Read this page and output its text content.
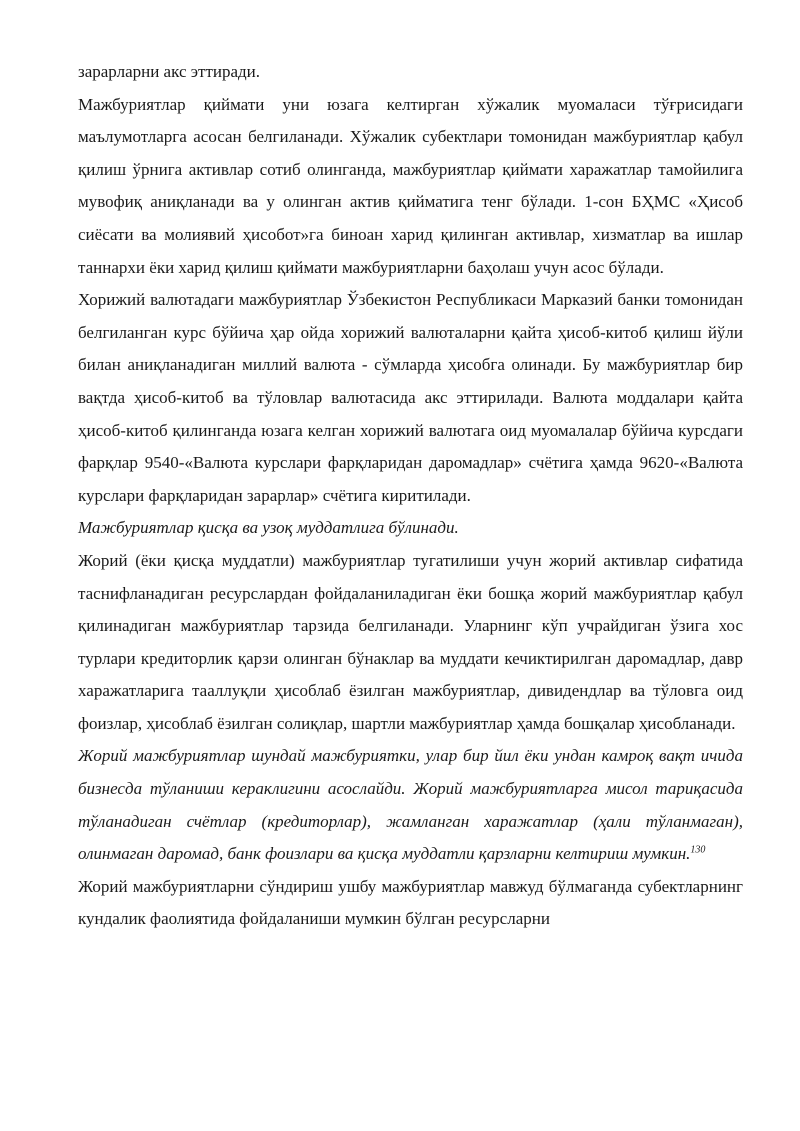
зарарларни акс эттиради.

Мажбуриятлар қиймати уни юзага келтирган хўжалик муомаласи тўғрисидаги маълумотларга асосан белгиланади. Хўжалик субектлари томонидан мажбуриятлар қабул қилиш ўрнига активлар сотиб олинганда, мажбуриятлар қиймати харажатлар тамойилига мувофиқ аниқланади ва у олинган актив қийматига тенг бўлади. 1-сон БҲМС «Ҳисоб сиёсати ва молиявий ҳисобот»га биноан харид қилинган активлар, хизматлар ва ишлар таннархи ёки харид қилиш қиймати мажбуриятларни баҳолаш учун асос бўлади.

Хорижий валютадаги мажбуриятлар Ўзбекистон Республикаси Марказий банки томонидан белгиланган курс бўйича ҳар ойда хорижий валюталарни қайта ҳисоб-китоб қилиш йўли билан аниқланадиган миллий валюта - сўмларда ҳисобга олинади. Бу мажбуриятлар бир вақтда ҳисоб-китоб ва тўловлар валютасида акс эттирилади. Валюта моддалари қайта ҳисоб-китоб қилинганда юзага келган хорижий валютага оид муомалалар бўйича курсдаги фарқлар 9540-«Валюта курслари фарқларидан даромадлар» счётига ҳамда 9620-«Валюта курслари фарқларидан зарарлар» счётига киритилади.

Мажбуриятлар қисқа ва узоқ муддатлига бўлинади.

Жорий (ёки қисқа муддатли) мажбуриятлар тугатилиши учун жорий активлар сифатида таснифланадиган ресурслардан фойдаланиладиган ёки бошқа жорий мажбуриятлар қабул қилинадиган мажбуриятлар тарзида белгиланади. Уларнинг кўп учрайдиган ўзига хос турлари кредиторлик қарзи олинган бўнаклар ва муддати кечиктирилган даромадлар, давр харажатларига тааллуқли ҳисоблаб ёзилган мажбуриятлар, дивидендлар ва тўловга оид фоизлар, ҳисоблаб ёзилган солиқлар, шартли мажбуриятлар ҳамда бошқалар ҳисобланади.

Жорий мажбуриятлар шундай мажбуриятки, улар бир йил ёки ундан камроқ вақт ичида бизнесда тўланиши кераклигини асослайди. Жорий мажбуриятларга мисол тариқасида тўланадиган счётлар (кредиторлар), жамланган харажатлар (ҳали тўланмаган), олинмаган даромад, банк фоизлари ва қисқа муддатли қарзларни келтириш мумкин.$^{130}$

Жорий мажбуриятларни сўндириш ушбу мажбуриятлар мавжуд бўлмаганда субектларнинг кундалик фаолиятида фойдаланиши мумкин бўлган ресурсларни
